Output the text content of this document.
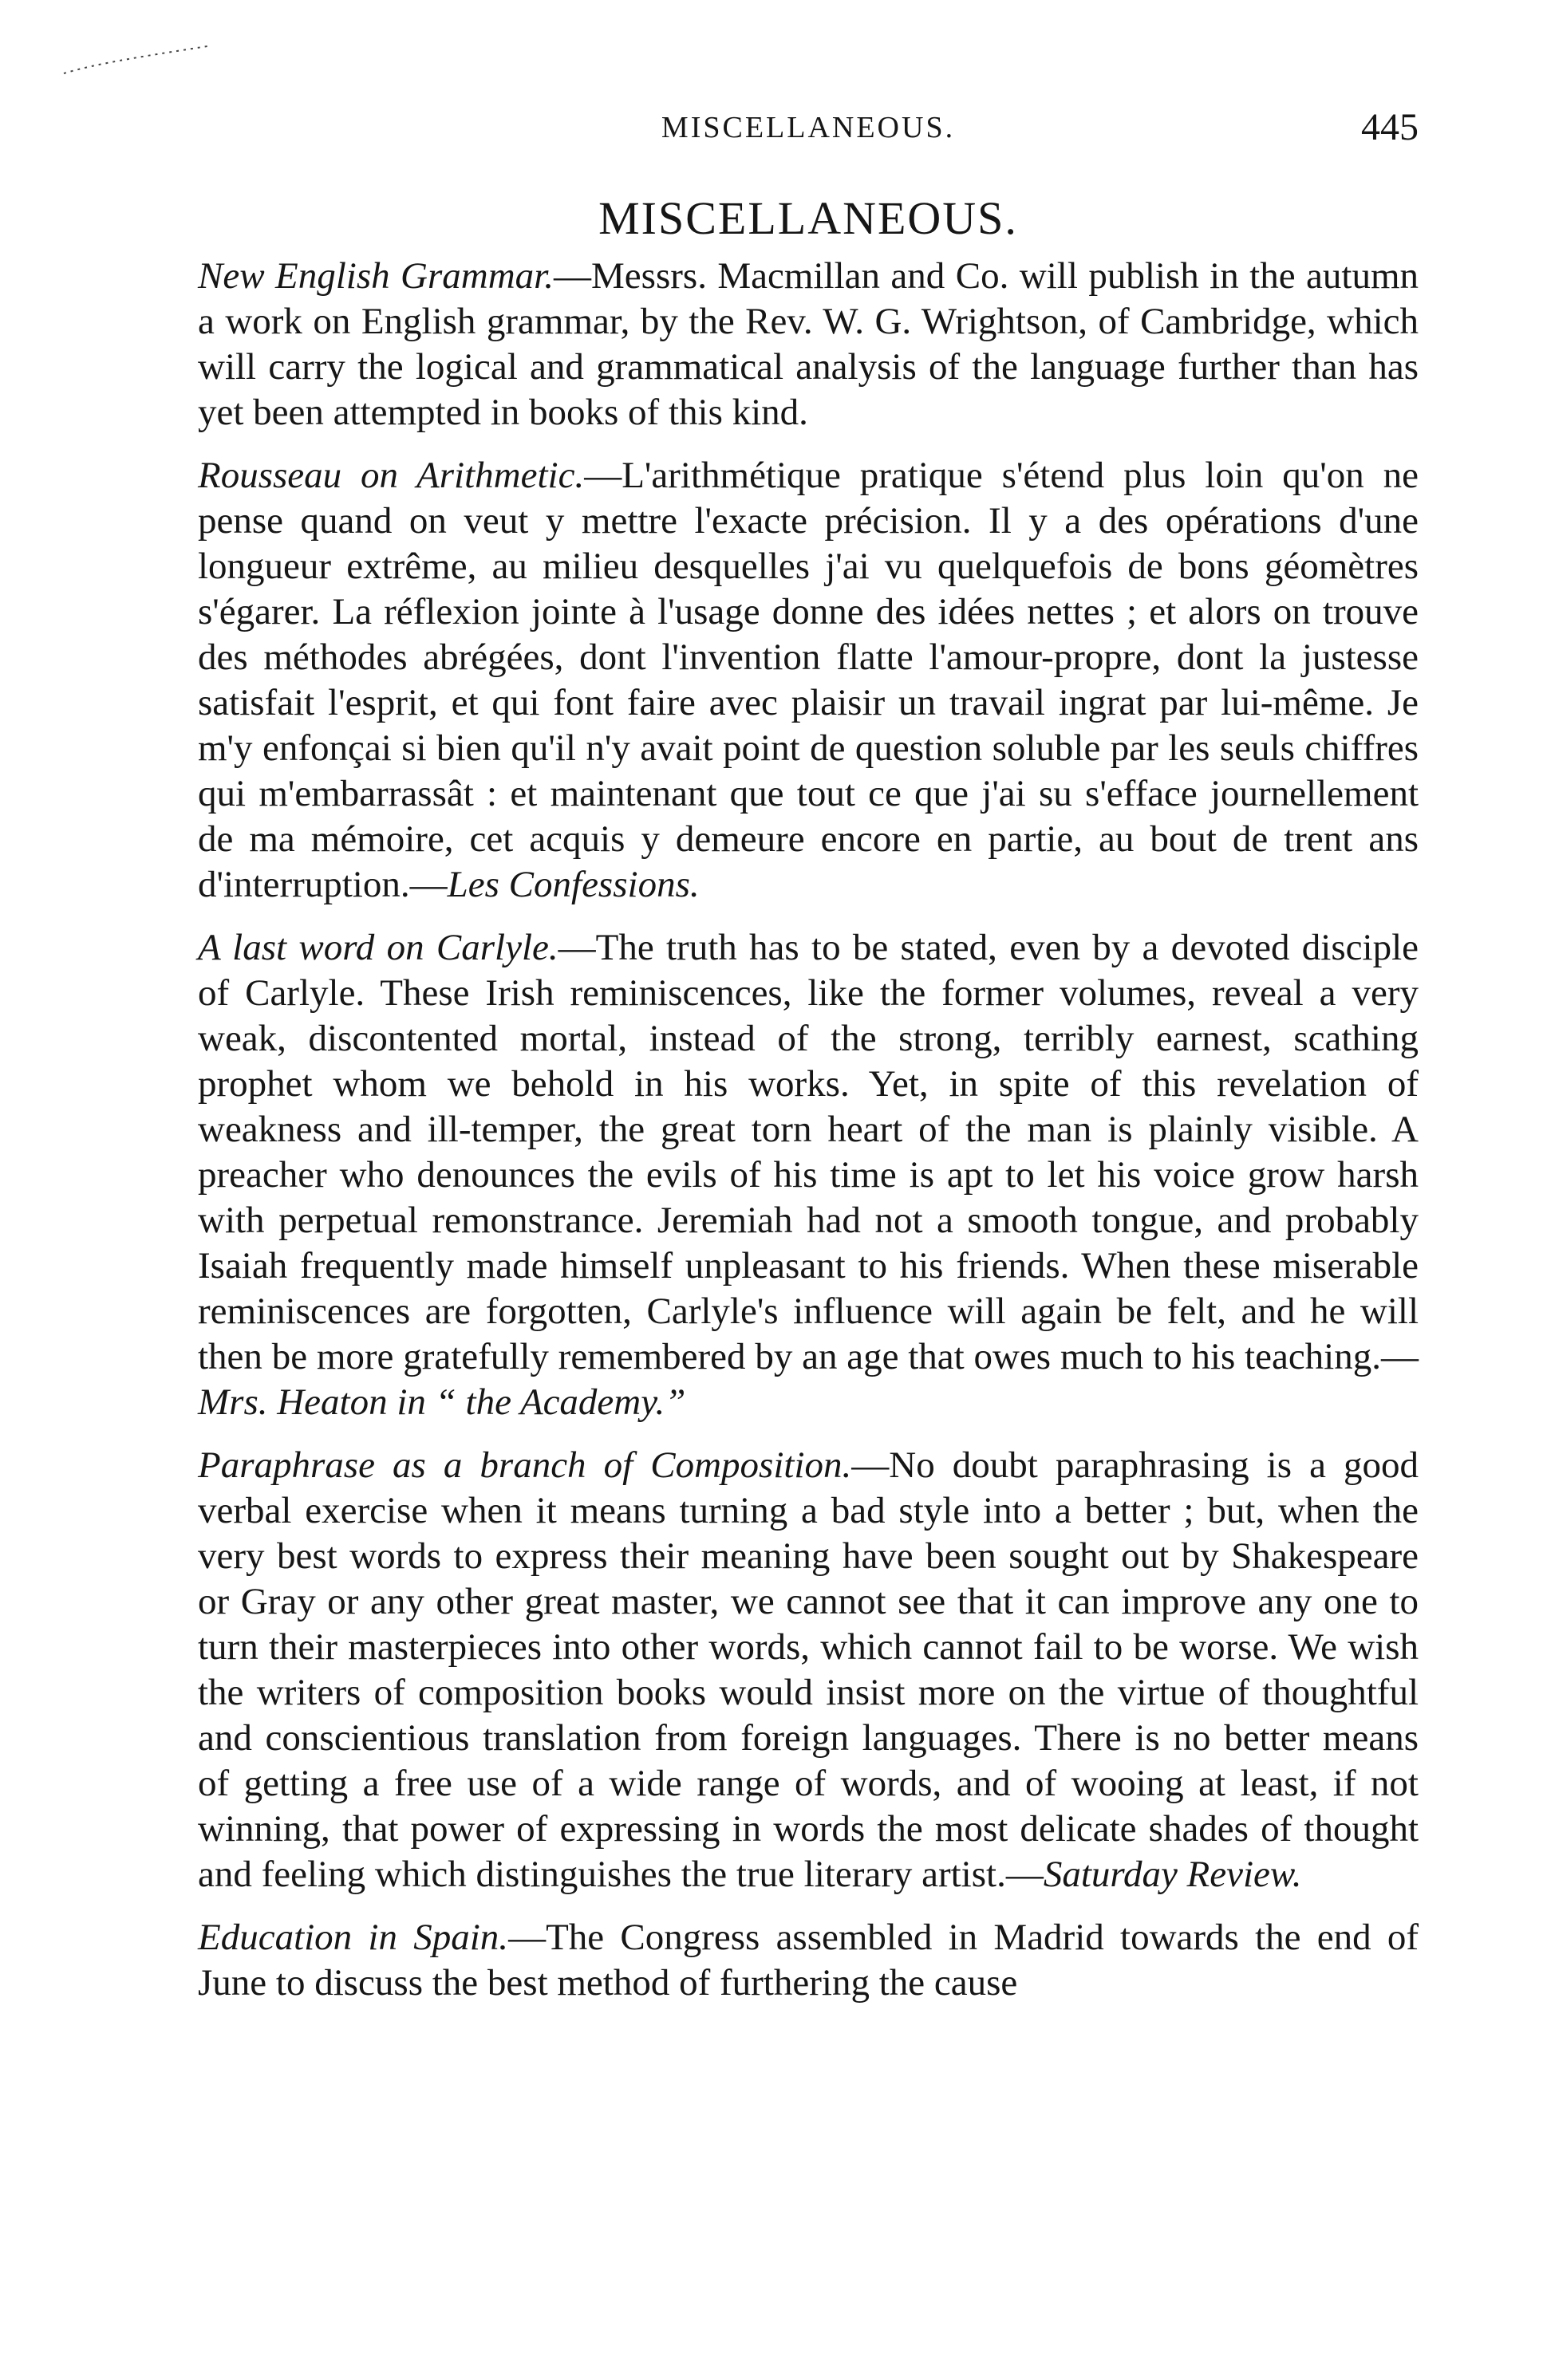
MISCELLANEOUS.	445
MISCELLANEOUS.

New English Grammar.—Messrs. Macmillan and Co. will publish in the autumn a work on English grammar, by the Rev. W. G. Wrightson, of Cambridge, which will carry the logical and grammatical analysis of the language further than has yet been attempted in books of this kind.

Rousseau on Arithmetic.—L'arithmétique pratique s'étend plus loin qu'on ne pense quand on veut y mettre l'exacte précision. Il y a des opérations d'une longueur extrême, au milieu desquelles j'ai vu quelquefois de bons géomètres s'égarer. La réflexion jointe à l'usage donne des idées nettes ; et alors on trouve des méthodes abrégées, dont l'invention flatte l'amour-propre, dont la justesse satisfait l'esprit, et qui font faire avec plaisir un travail ingrat par lui-même. Je m'y enfonçai si bien qu'il n'y avait point de question soluble par les seuls chiffres qui m'embarrassât : et maintenant que tout ce que j'ai su s'efface journellement de ma mémoire, cet acquis y demeure encore en partie, au bout de trent ans d'interruption.—Les Confessions.

A last word on Carlyle.—The truth has to be stated, even by a devoted disciple of Carlyle. These Irish reminiscences, like the former volumes, reveal a very weak, discontented mortal, instead of the strong, terribly earnest, scathing prophet whom we behold in his works. Yet, in spite of this revelation of weakness and ill-temper, the great torn heart of the man is plainly visible. A preacher who denounces the evils of his time is apt to let his voice grow harsh with perpetual remonstrance. Jeremiah had not a smooth tongue, and probably Isaiah frequently made himself unpleasant to his friends. When these miserable reminiscences are forgotten, Carlyle's influence will again be felt, and he will then be more gratefully remembered by an age that owes much to his teaching.—Mrs. Heaton in “ the Academy.”

Paraphrase as a branch of Composition.—No doubt paraphrasing is a good verbal exercise when it means turning a bad style into a better ; but, when the very best words to express their meaning have been sought out by Shakespeare or Gray or any other great master, we cannot see that it can improve any one to turn their masterpieces into other words, which cannot fail to be worse. We wish the writers of composition books would insist more on the virtue of thoughtful and conscientious translation from foreign languages. There is no better means of getting a free use of a wide range of words, and of wooing at least, if not winning, that power of expressing in words the most delicate shades of thought and feeling which distinguishes the true literary artist.—Saturday Review.

Education in Spain.—The Congress assembled in Madrid towards the end of June to discuss the best method of furthering the cause
